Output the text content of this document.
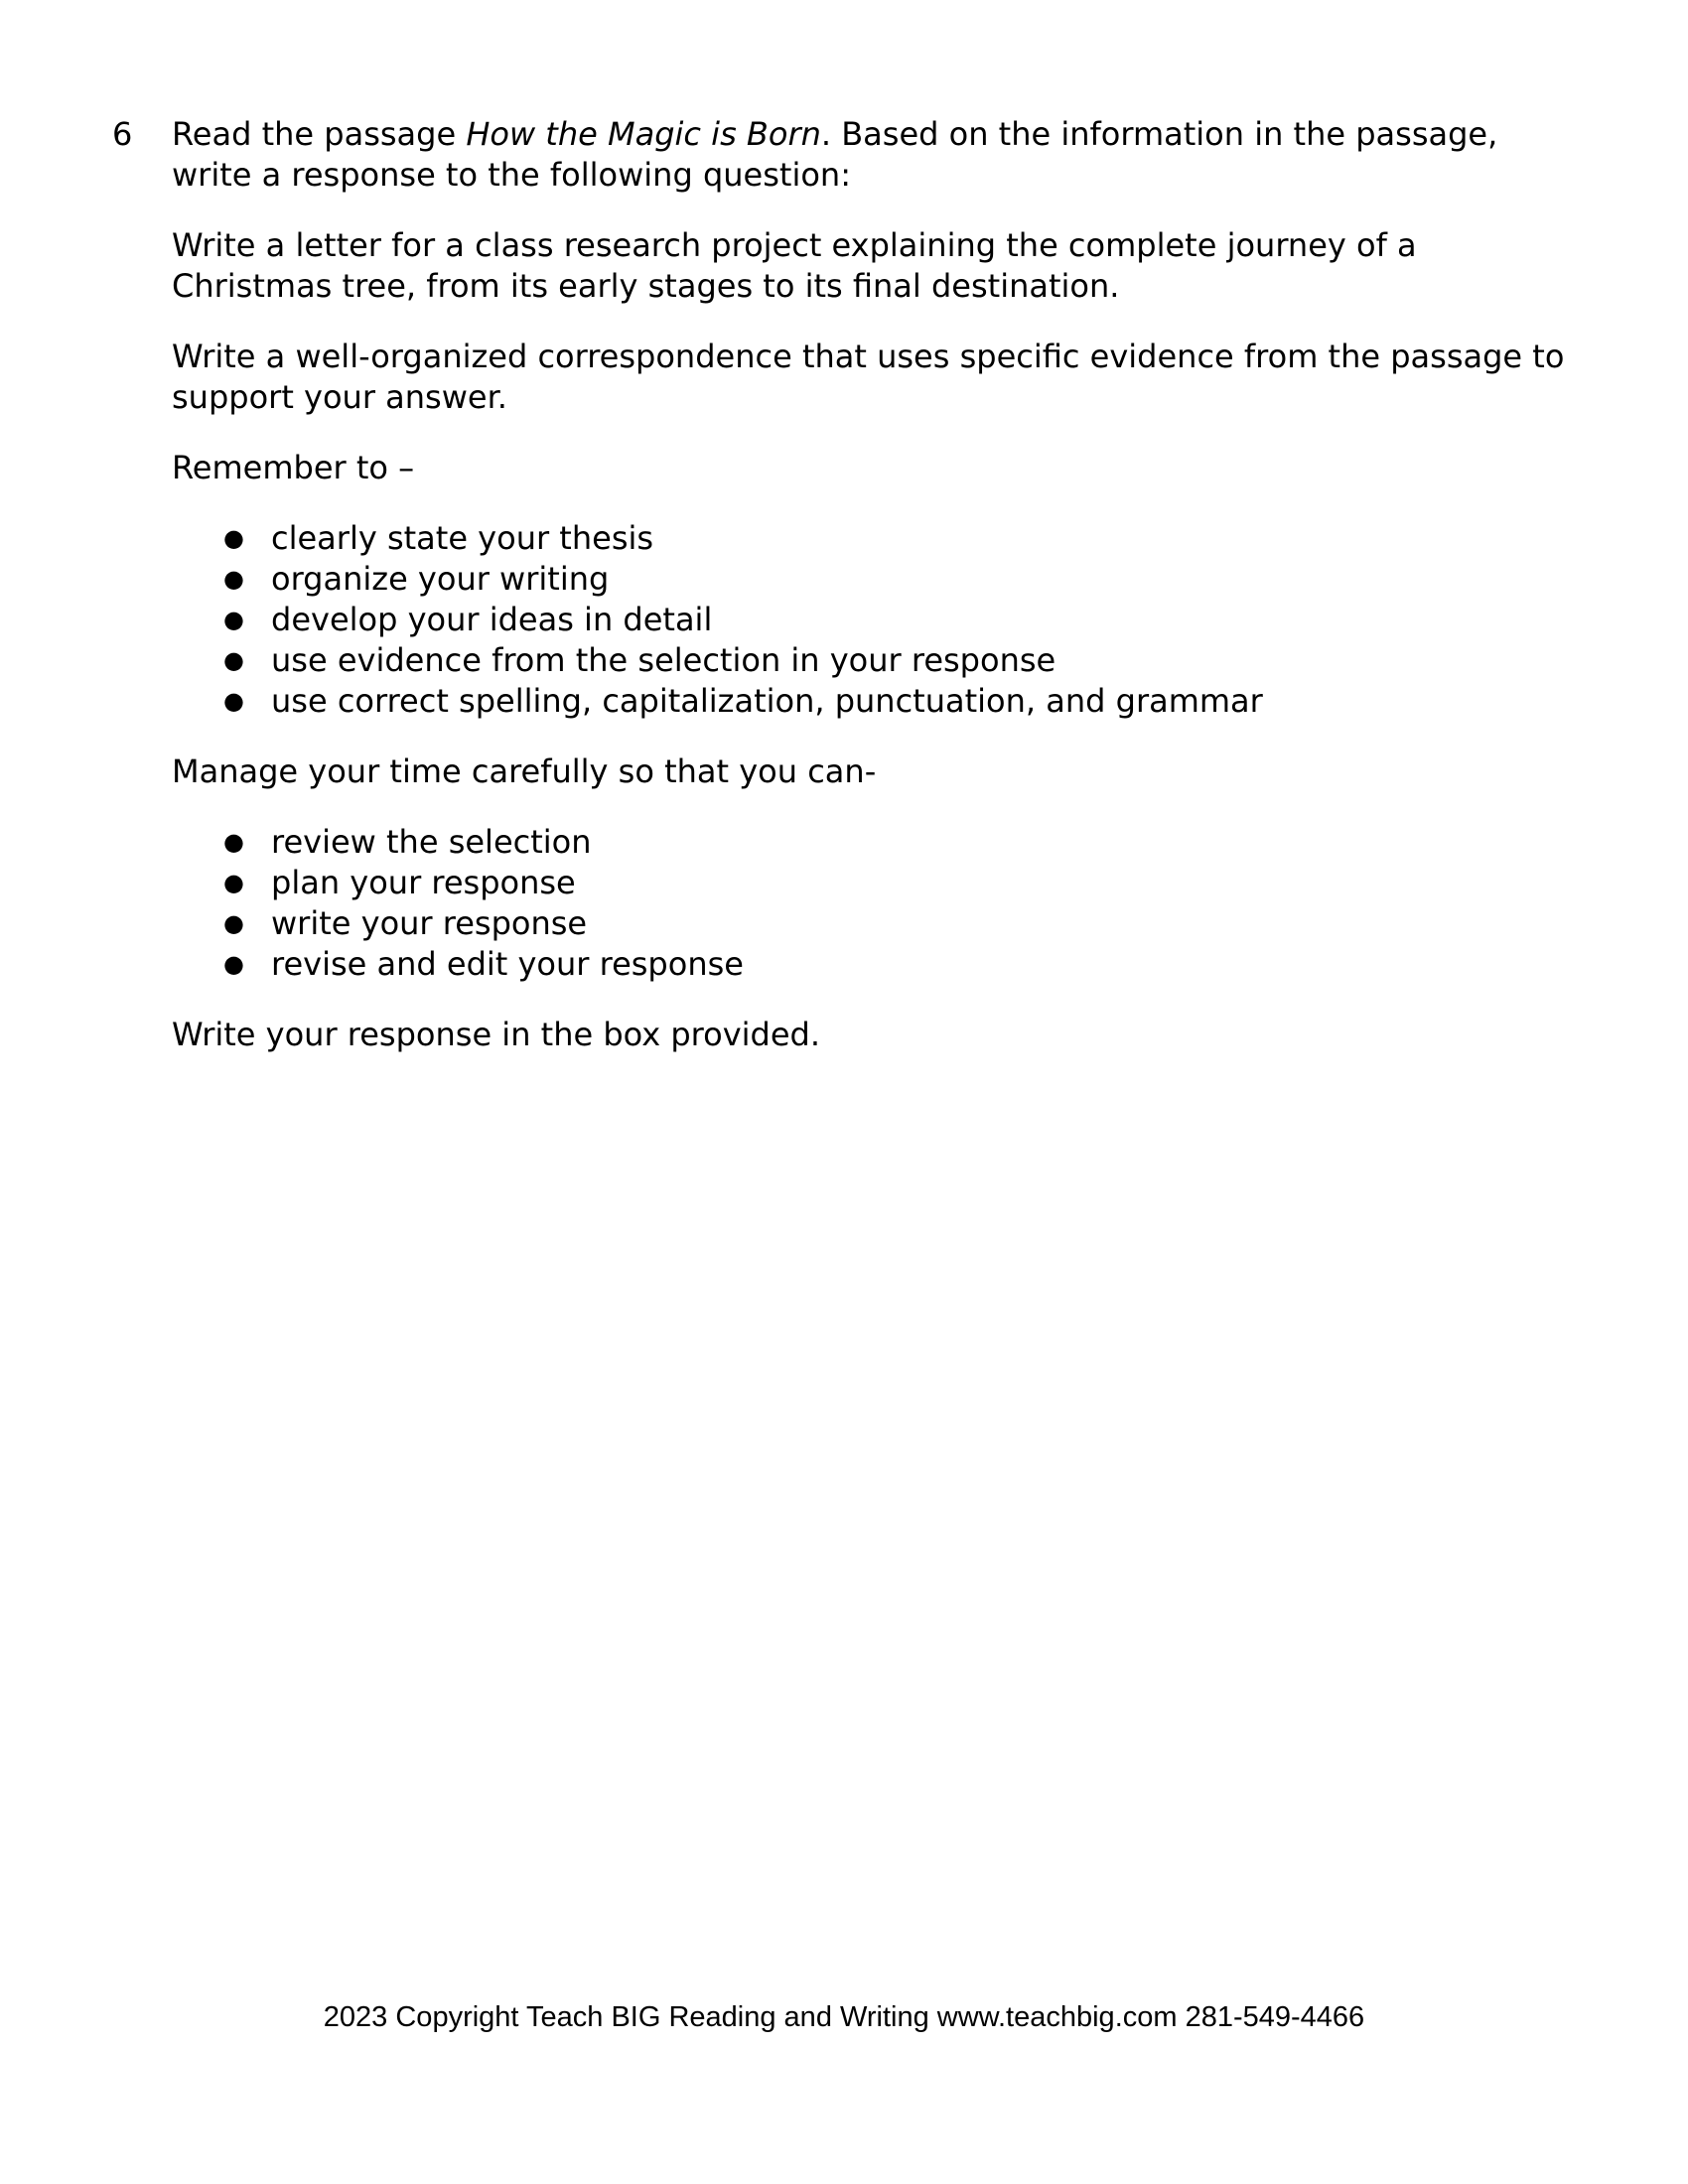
6 Read the passage How the Magic is Born. Based on the information in the passage, write a response to the following question:

Write a letter for a class research project explaining the complete journey of a Christmas tree, from its early stages to its final destination.

Write a well-organized correspondence that uses specific evidence from the passage to support your answer.

Remember to –

● clearly state your thesis
● organize your writing
● develop your ideas in detail
● use evidence from the selection in your response
● use correct spelling, capitalization, punctuation, and grammar

Manage your time carefully so that you can-

● review the selection
● plan your response
● write your response
● revise and edit your response

Write your response in the box provided.

2023 Copyright Teach BIG Reading and Writing www.teachbig.com 281-549-4466
